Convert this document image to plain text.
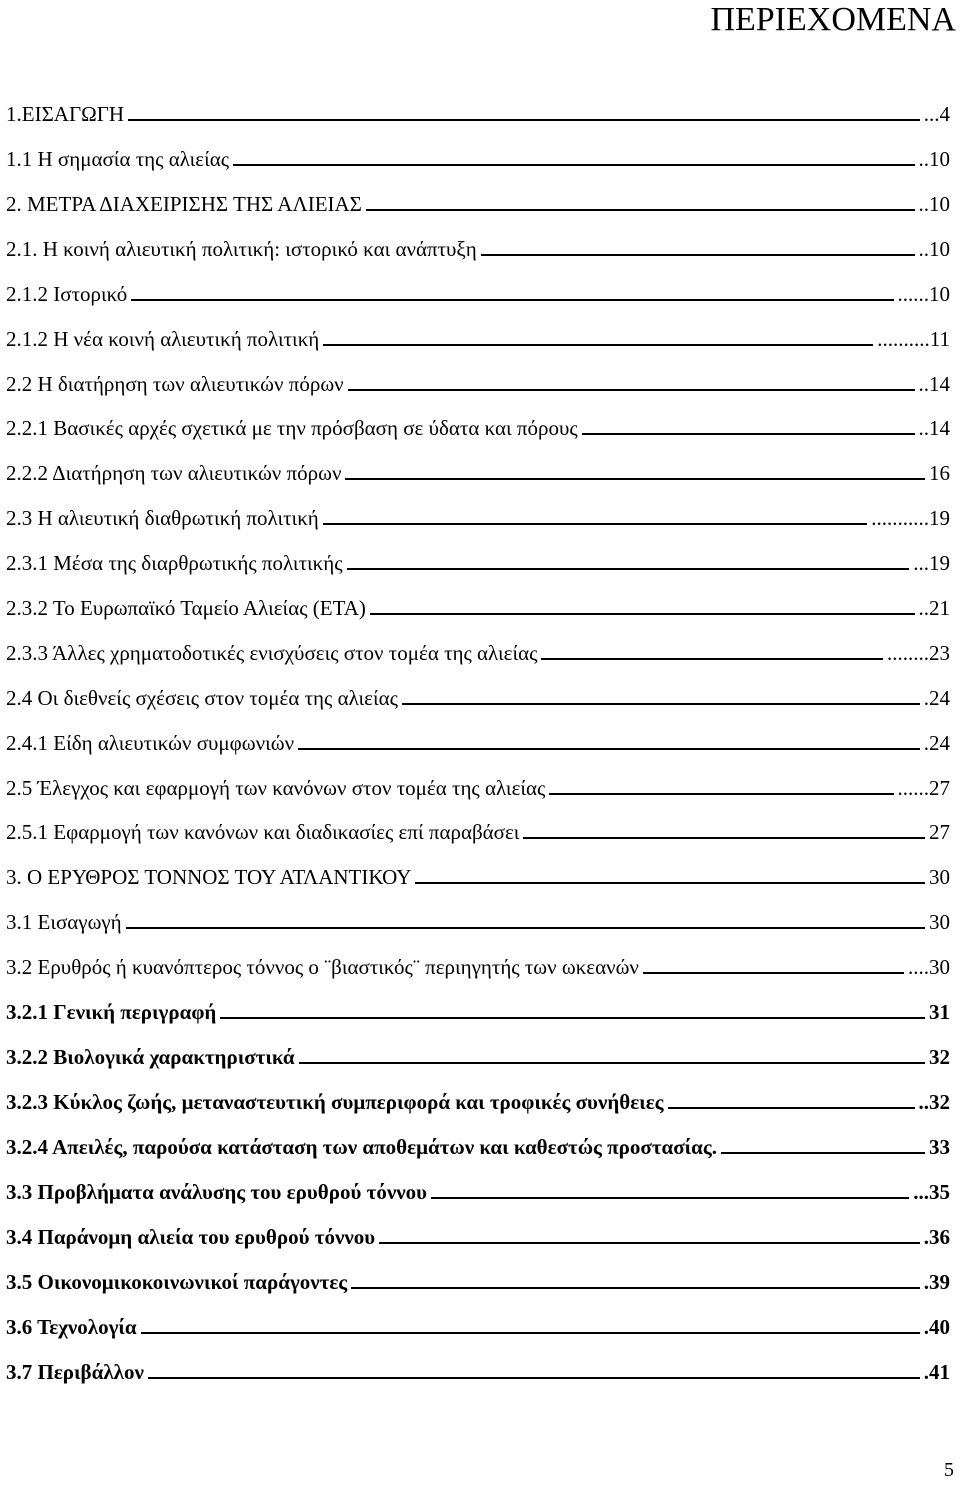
ΠΕΡΙΕΧΟΜΕΝΑ
1.ΕΙΣΑΓΩΓΗ	...4
1.1 Η σημασία της αλιείας	..10
2. ΜΕΤΡΑ ΔΙΑΧΕΙΡΙΣΗΣ ΤΗΣ ΑΛΙΕΙΑΣ	..10
2.1. Η κοινή αλιευτική πολιτική: ιστορικό και ανάπτυξη	..10
2.1.2 Ιστορικό	......10
2.1.2 Η νέα κοινή αλιευτική πολιτική	..........11
2.2 Η διατήρηση των αλιευτικών πόρων	..14
2.2.1 Βασικές αρχές σχετικά με την πρόσβαση σε ύδατα και πόρους	..14
2.2.2 Διατήρηση των αλιευτικών πόρων	16
2.3 Η αλιευτική διαθρωτική πολιτική	...........19
2.3.1 Μέσα της διαρθρωτικής πολιτικής	...19
2.3.2 Το Ευρωπαϊκό Ταμείο Αλιείας (ΕΤΑ)	..21
2.3.3 Άλλες χρηματοδοτικές ενισχύσεις στον τομέα της αλιείας	........23
2.4 Οι διεθνείς σχέσεις στον τομέα της αλιείας	.24
2.4.1 Είδη αλιευτικών συμφωνιών	.24
2.5 Έλεγχος και εφαρμογή των κανόνων στον τομέα της αλιείας	......27
2.5.1 Εφαρμογή των κανόνων και διαδικασίες επί παραβάσει	27
3. Ο ΕΡΥΘΡΟΣ ΤΟΝΝΟΣ ΤΟΥ ΑΤΛΑΝΤΙΚΟΥ	30
3.1 Εισαγωγή	30
3.2 Ερυθρός ή κυανόπτερος τόννος ο ¨βιαστικός¨ περιηγητής των ωκεανών	....30
3.2.1 Γενική περιγραφή	31
3.2.2 Βιολογικά χαρακτηριστικά	32
3.2.3 Κύκλος ζωής, μεταναστευτική συμπεριφορά και τροφικές συνήθειες	..32
3.2.4 Απειλές, παρούσα κατάσταση των αποθεμάτων και καθεστώς προστασίας.	33
3.3 Προβλήματα ανάλυσης του ερυθρού τόννου	...35
3.4 Παράνομη αλιεία του ερυθρού τόννου	.36
3.5 Οικονομικοκοινωνικοί παράγοντες	.39
3.6 Τεχνολογία	.40
3.7 Περιβάλλον	.41
5
